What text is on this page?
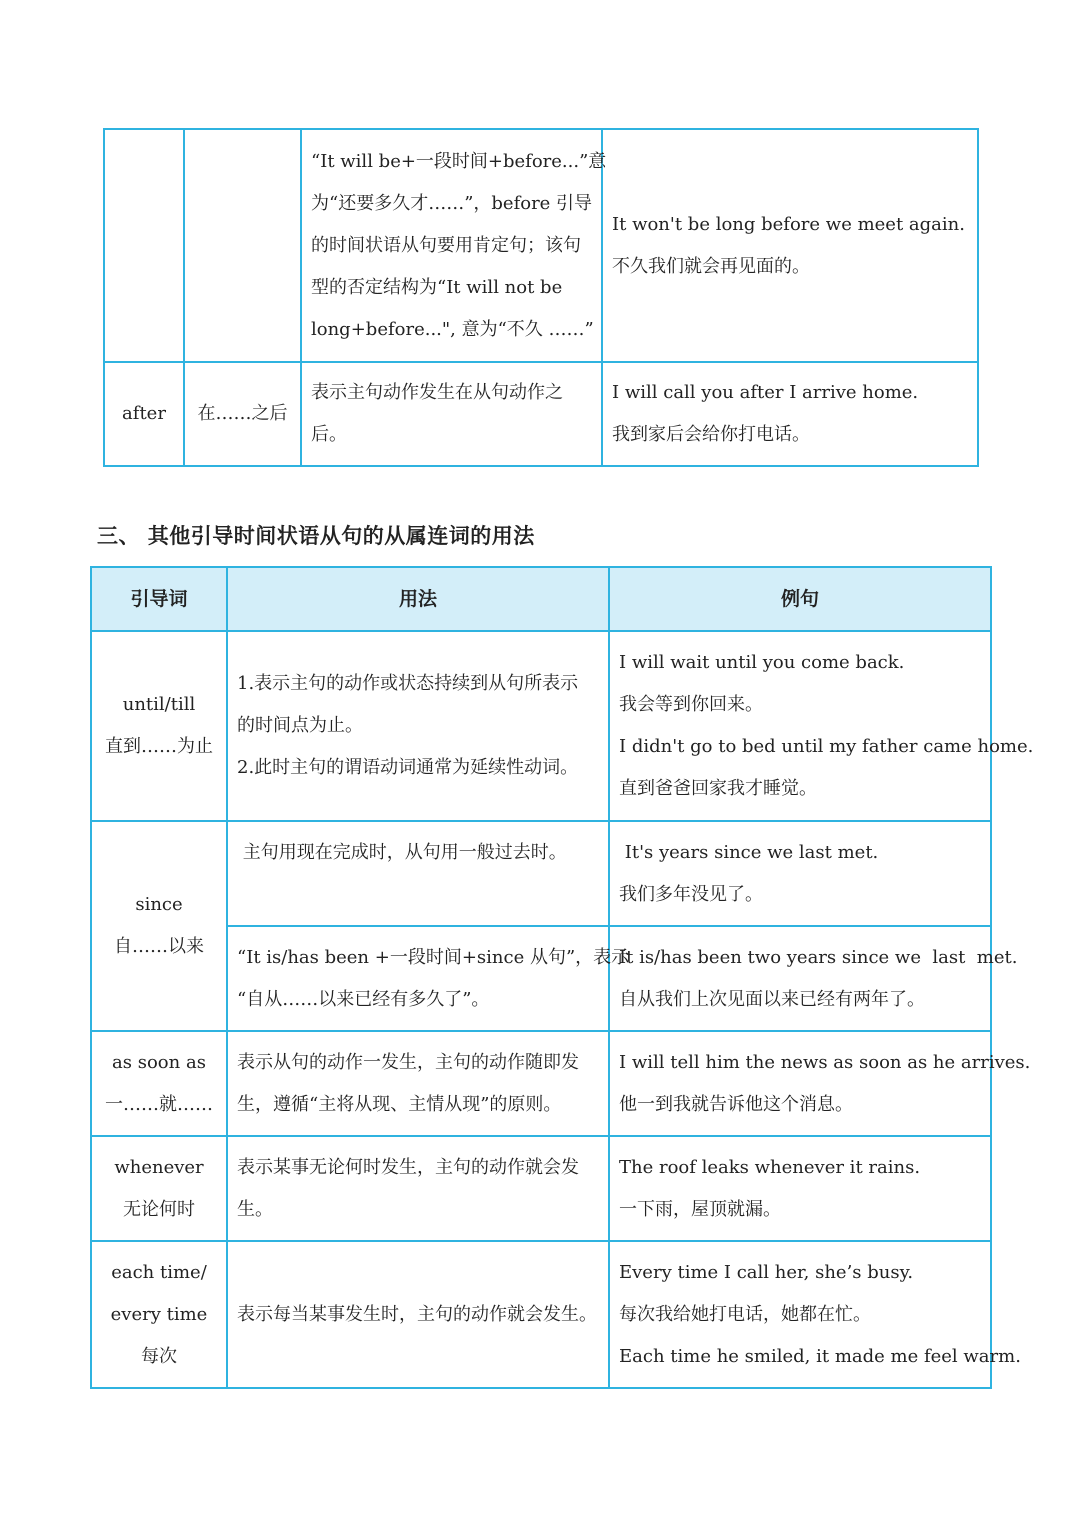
		“It will be+一段时间+before...”意
为“还要多久才……”，before 引导
的时间状语从句要用肯定句；该句
型的否定结构为“It will not be
long+before...", 意为“不久 ……”	It won't be long before we meet again.
不久我们就会再见面的。

after	在……之后	表示主句动作发生在从句动作之
后。	I will call you after I arrive home.
我到家后会给你打电话。
三、 其他引导时间状语从句的从属连词的用法
引导词	用法	例句

until/till
直到……为止	1.表示主句的动作或状态持续到从句所表示
的时间点为止。
2.此时主句的谓语动词通常为延续性动词。	I will wait until you come back.
我会等到你回来。
I didn't go to bed until my father came home.
直到爸爸回家我才睡觉。

since
自……以来	主句用现在完成时，从句用一般过去时。	It's years since we last met.
我们多年没见了。

	“It is/has been +一段时间+since 从句”，表示
“自从……以来已经有多久了”。	It is/has been two years since we  last  met.
自从我们上次见面以来已经有两年了。

as soon as
一……就……	表示从句的动作一发生，主句的动作随即发
生，遵循“主将从现、主情从现”的原则。	I will tell him the news as soon as he arrives.
他一到我就告诉他这个消息。

whenever
无论何时	表示某事无论何时发生，主句的动作就会发
生。	The roof leaks whenever it rains.
一下雨，屋顶就漏。

each time/
every time
每次	表示每当某事发生时，主句的动作就会发生。	Every time I call her, she’s busy.
每次我给她打电话，她都在忙。
Each time he smiled, it made me feel warm.
